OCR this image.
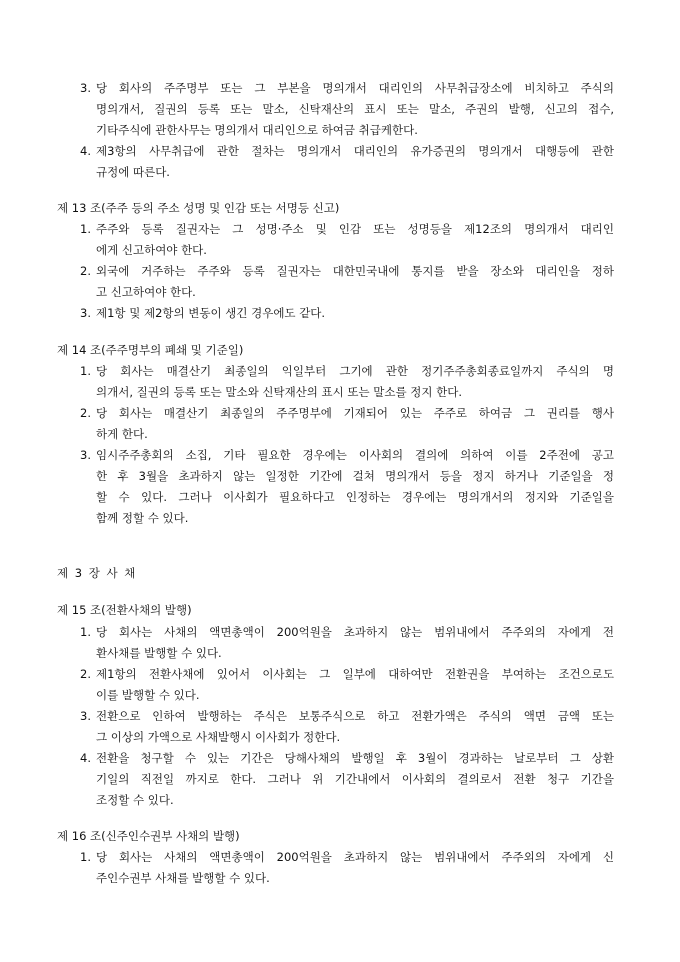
3. 당 회사의 주주명부 또는 그 부본을 명의개서 대리인의 사무취급장소에 비치하고 주식의
명의개서, 질권의 등록 또는 말소, 신탁재산의 표시 또는 말소, 주권의 발행, 신고의 접수,
기타주식에 관한사무는 명의개서 대리인으로 하여금 취급케한다.
4. 제3항의 사무취급에 관한 절차는 명의개서 대리인의 유가증권의 명의개서 대행등에 관한
규정에 따른다.
제 13 조(주주 등의 주소 성명 및 인감 또는 서명등 신고)
1. 주주와 등록 질권자는 그 성명·주소 및 인감 또는 성명등을 제12조의 명의개서 대리인
에게 신고하여야 한다.
2. 외국에 거주하는 주주와 등록 질권자는 대한민국내에 통지를 받을 장소와 대리인을 정하
고 신고하여야 한다.
3. 제1항 및 제2항의 변동이 생긴 경우에도 같다.
제 14 조(주주명부의 폐쇄 및 기준일)
1. 당 회사는 매결산기 최종일의 익일부터 그기에 관한 정기주주총회종료일까지 주식의 명
의개서, 질권의 등록 또는 말소와 신탁재산의 표시 또는 말소를 정지 한다.
2. 당 회사는 매결산기 최종일의 주주명부에 기재되어 있는 주주로 하여금 그 권리를 행사
하게 한다.
3. 임시주주총회의 소집, 기타 필요한 경우에는 이사회의 결의에 의하여 이를 2주전에 공고
한 후 3월을 초과하지 않는 일정한 기간에 걸쳐 명의개서 등을 정지 하거나 기준일을 정
할 수 있다. 그러나 이사회가 필요하다고 인정하는 경우에는 명의개서의 정지와 기준일을
함께 정할 수 있다.
제 3 장 사 채
제 15 조(전환사채의 발행)
1. 당 회사는 사채의 액면총액이 200억원을 초과하지 않는 범위내에서 주주외의 자에게 전
환사채를 발행할 수 있다.
2. 제1항의 전환사채에 있어서 이사회는 그 일부에 대하여만 전환권을 부여하는 조건으로도
이를 발행할 수 있다.
3. 전환으로 인하여 발행하는 주식은 보통주식으로 하고 전환가액은 주식의 액면 금액 또는
그 이상의 가액으로 사채발행시 이사회가 정한다.
4. 전환을 청구할 수 있는 기간은 당해사채의 발행일 후 3월이 경과하는 날로부터 그 상환
기일의 직전일 까지로 한다. 그러나 위 기간내에서 이사회의 결의로서 전환 청구 기간을
조정할 수 있다.
제 16 조(신주인수권부 사채의 발행)
1. 당 회사는 사채의 액면총액이 200억원을 초과하지 않는 범위내에서 주주외의 자에게 신
주인수권부 사채를 발행할 수 있다.
